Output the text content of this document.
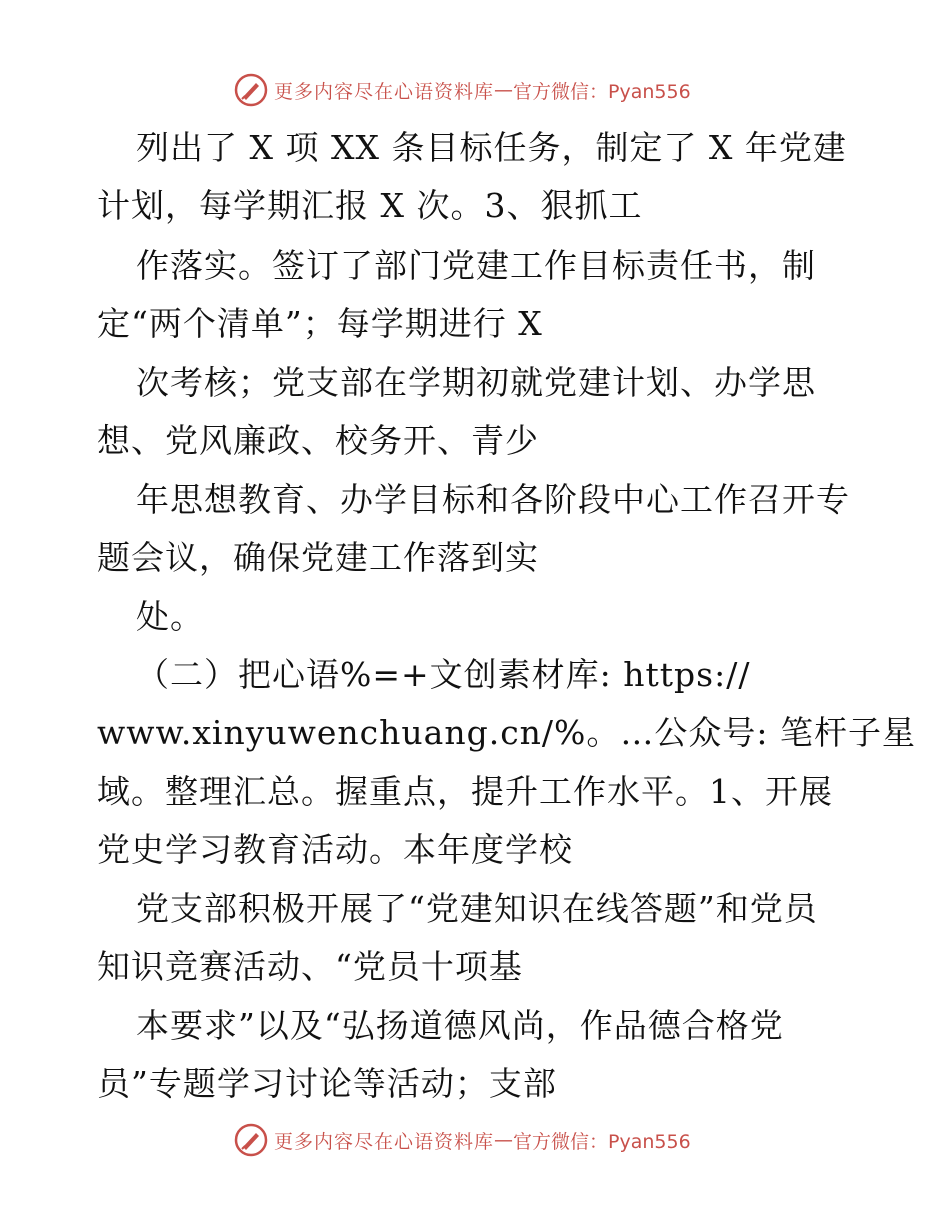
更多内容尽在心语资料库 — 官方微信：Pyan556
列出了 X 项 XX 条目标任务，制定了 X 年党建
计划，每学期汇报 X 次。3、狠抓工
作落实。签订了部门党建工作目标责任书，制
定“两个清单”；每学期进行 X
次考核；党支部在学期初就党建计划、办学思
想、党风廉政、校务开、青少
年思想教育、办学目标和各阶段中心工作召开专
题会议，确保党建工作落到实
处。
（二）把心语%=+文创素材库: https://
www.xinyuwenchuang.cn/%。…公众号: 笔杆子星
域。整理汇总。握重点，提升工作水平。1、开展
党史学习教育活动。本年度学校
党支部积极开展了“党建知识在线答题”和党员
知识竞赛活动、“党员十项基
本要求”以及“弘扬道德风尚，作品德合格党
员”专题学习讨论等活动；支部
更多内容尽在心语资料库 — 官方微信：Pyan556
